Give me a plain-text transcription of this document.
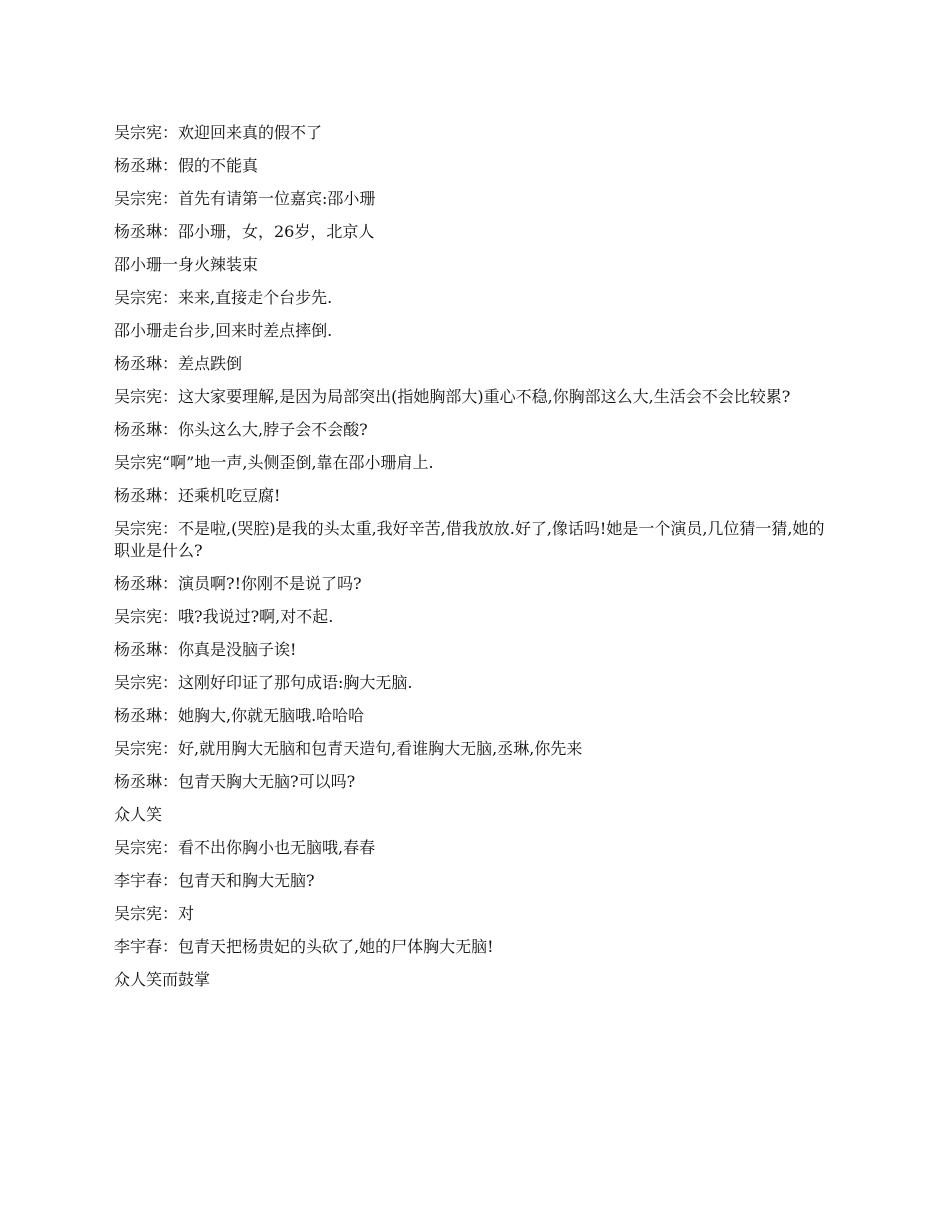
吴宗宪：欢迎回来真的假不了

杨丞琳：假的不能真

吴宗宪：首先有请第一位嘉宾:邵小珊

杨丞琳：邵小珊，女，26岁，北京人

邵小珊一身火辣装束

吴宗宪：来来,直接走个台步先.

邵小珊走台步,回来时差点摔倒.

杨丞琳：差点跌倒

吴宗宪：这大家要理解,是因为局部突出(指她胸部大)重心不稳,你胸部这么大,生活会不会比较累?

杨丞琳：你头这么大,脖子会不会酸?

吴宗宪“啊”地一声,头侧歪倒,靠在邵小珊肩上.

杨丞琳：还乘机吃豆腐!

吴宗宪：不是啦,(哭腔)是我的头太重,我好辛苦,借我放放.好了,像话吗!她是一个演员,几位猜一猜,她的职业是什么?

杨丞琳：演员啊?!你刚不是说了吗?

吴宗宪：哦?我说过?啊,对不起.

杨丞琳：你真是没脑子诶!

吴宗宪：这刚好印证了那句成语:胸大无脑.

杨丞琳：她胸大,你就无脑哦.哈哈哈

吴宗宪：好,就用胸大无脑和包青天造句,看谁胸大无脑,丞琳,你先来

杨丞琳：包青天胸大无脑?可以吗?

众人笑

吴宗宪：看不出你胸小也无脑哦,春春

李宇春：包青天和胸大无脑?

吴宗宪：对

李宇春：包青天把杨贵妃的头砍了,她的尸体胸大无脑!

众人笑而鼓掌
